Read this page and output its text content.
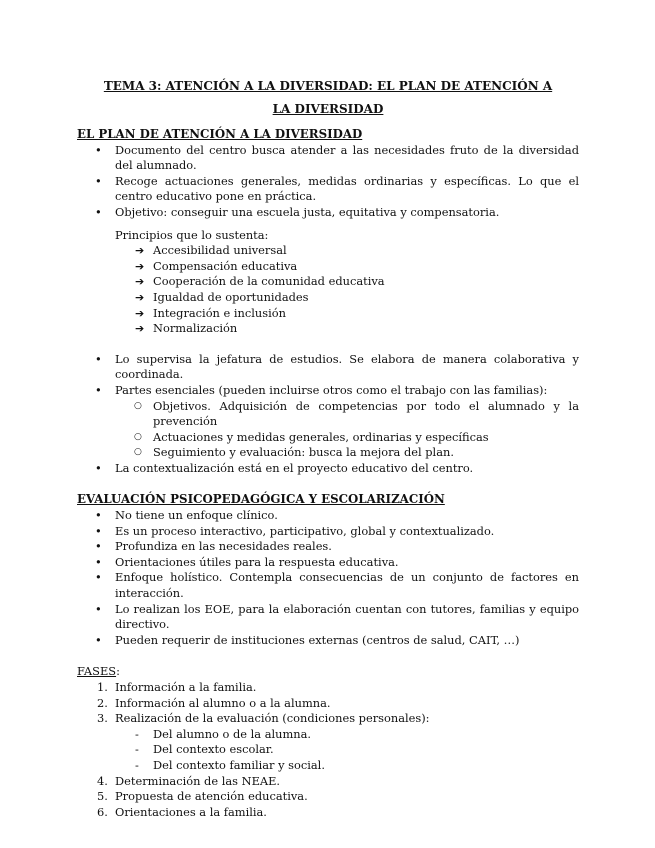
TEMA 3: ATENCIÓN A LA DIVERSIDAD: EL PLAN DE ATENCIÓN A LA DIVERSIDAD

EL PLAN DE ATENCIÓN A LA DIVERSIDAD

• Documento del centro busca atender a las necesidades fruto de la diversidad del alumnado.
• Recoge actuaciones generales, medidas ordinarias y específicas. Lo que el centro educativo pone en práctica.
• Objetivo: conseguir una escuela justa, equitativa y compensatoria.
Principios que lo sustenta:
➔ Accesibilidad universal
➔ Compensación educativa
➔ Cooperación de la comunidad educativa
➔ Igualdad de oportunidades
➔ Integración e inclusión
➔ Normalización
• Lo supervisa la jefatura de estudios. Se elabora de manera colaborativa y coordinada.
• Partes esenciales (pueden incluirse otros como el trabajo con las familias):
○ Objetivos. Adquisición de competencias por todo el alumnado y la prevención
○ Actuaciones y medidas generales, ordinarias y específicas
○ Seguimiento y evaluación: busca la mejora del plan.
• La contextualización está en el proyecto educativo del centro.

EVALUACIÓN PSICOPEDAGÓGICA Y ESCOLARIZACIÓN

• No tiene un enfoque clínico.
• Es un proceso interactivo, participativo, global y contextualizado.
• Profundiza en las necesidades reales.
• Orientaciones útiles para la respuesta educativa.
• Enfoque holístico. Contempla consecuencias de un conjunto de factores en interacción.
• Lo realizan los EOE, para la elaboración cuentan con tutores, familias y equipo directivo.
• Pueden requerir de instituciones externas (centros de salud, CAIT, …)

FASES:

1. Información a la familia.
2. Información al alumno o a la alumna.
3. Realización de la evaluación (condiciones personales):
- Del alumno o de la alumna.
- Del contexto escolar.
- Del contexto familiar y social.
4. Determinación de las NEAE.
5. Propuesta de atención educativa.
6. Orientaciones a la familia.
